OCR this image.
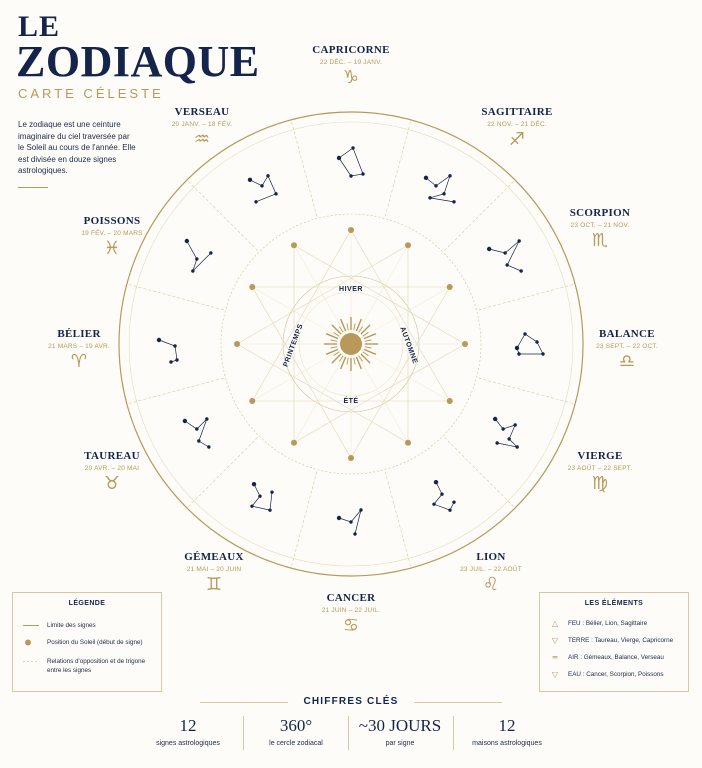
LE
ZODIAQUE
CARTE CÉLESTE
Le zodiaque est une ceinture imaginaire du ciel traversée par le Soleil au cours de l'année. Elle est divisée en douze signes astrologiques.
HIVER
ÉTÉ
PRINTEMPS	AUTOMNE
CAPRICORNE
22 DÉC. – 19 JANV.
♑
SAGITTAIRE
22 NOV. – 21 DÉC.
♐
SCORPION
23 OCT. – 21 NOV.
♏
BALANCE
23 SEPT. – 22 OCT.
♎
VIERGE
23 AOÛT – 22 SEPT.
♍
LION
23 JUIL. – 22 AOÛT
♌
CANCER
21 JUIN – 22 JUIL.
♋
GÉMEAUX
21 MAI – 20 JUIN
♊
TAUREAU
20 AVR. – 20 MAI
♉
BÉLIER
21 MARS – 19 AVR.
♈
POISSONS
19 FÉV. – 20 MARS
♓
VERSEAU
20 JANV. – 18 FÉV.
♒
LÉGENDE
Limite des signes
Position du Soleil (début de signe)
Relations d'opposition et de trigone entre les signes
LES ÉLÉMENTS
△	FEU : Bélier, Lion, Sagittaire
▽	TERRE : Taureau, Vierge, Capricorne
═	AIR : Gémeaux, Balance, Verseau
▽	EAU : Cancer, Scorpion, Poissons
CHIFFRES CLÉS
12
signes astrologiques
360°
le cercle zodiacal
~30 JOURS
par signe
12
maisons astrologiques
